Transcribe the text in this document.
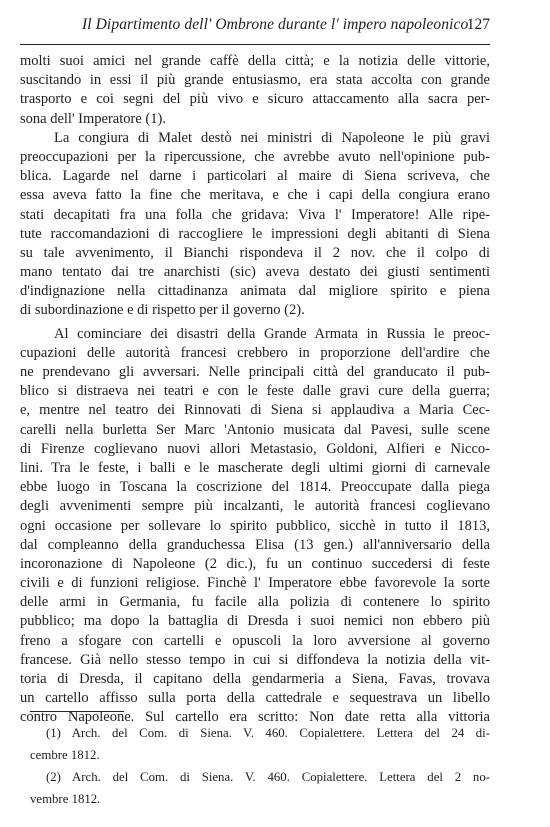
Il Dipartimento dell' Ombrone durante l' impero napoleonico
127
molti suoi amici nel grande caffè della città; e la notizia delle vittorie,
suscitando in essi il più grande entusiasmo, era stata accolta con grande
trasporto e coi segni del più vivo e sicuro attaccamento alla sacra per-
sona dell' Imperatore (1).
La congiura di Malet destò nei ministri di Napoleone le più gravi
preoccupazioni per la ripercussione, che avrebbe avuto nell'opinione pub-
blica. Lagarde nel darne i particolari al maire di Siena scriveva, che
essa aveva fatto la fine che meritava, e che i capi della congiura erano
stati decapitati fra una folla che gridava: Viva l' Imperatore! Alle ripe-
tute raccomandazioni di raccogliere le impressioni degli abitanti di Siena
su tale avvenimento, il Bianchi rispondeva il 2 nov. che il colpo di
mano tentato dai tre anarchisti (sic) aveva destato dei giusti sentimenti
d'indignazione nella cittadinanza animata dal migliore spirito e piena
di subordinazione e di rispetto per il governo (2).
Al cominciare dei disastri della Grande Armata in Russia le preoc-
cupazioni delle autorità francesi crebbero in proporzione dell'ardire che
ne prendevano gli avversari. Nelle principali città del granducato il pub-
blico si distraeva nei teatri e con le feste dalle gravi cure della guerra;
e, mentre nel teatro dei Rinnovati di Siena si applaudiva a Maria Cec-
carelli nella burletta Ser Marc 'Antonio musicata dal Pavesi, sulle scene
di Firenze coglievano nuovi allori Metastasio, Goldoni, Alfieri e Nicco-
lini. Tra le feste, i balli e le mascherate degli ultimi giorni di carnevale
ebbe luogo in Toscana la coscrizione del 1814. Preoccupate dalla piega
degli avvenimenti sempre più incalzanti, le autorità francesi coglievano
ogni occasione per sollevare lo spirito pubblico, sicchè in tutto il 1813,
dal compleanno della granduchessa Elisa (13 gen.) all'anniversario della
incoronazione di Napoleone (2 dic.), fu un continuo succedersi di feste
civili e di funzioni religiose. Finchè l' Imperatore ebbe favorevole la sorte
delle armi in Germania, fu facile alla polizia di contenere lo spirito
pubblico; ma dopo la battaglia di Dresda i suoi nemici non ebbero più
freno a sfogare con cartelli e opuscoli la loro avversione al governo
francese. Già nello stesso tempo in cui si diffondeva la notizia della vit-
toria di Dresda, il capitano della gendarmeria a Siena, Favas, trovava
un cartello affisso sulla porta della cattedrale e sequestrava un libello
contro Napoleone. Sul cartello era scritto: Non date retta alla vittoria
(1) Arch. del Com. di Siena. V. 460. Copialettere. Lettera del 24 di-
cembre 1812.
(2) Arch. del Com. di Siena. V. 460. Copialettere. Lettera del 2 no-
vembre 1812.
